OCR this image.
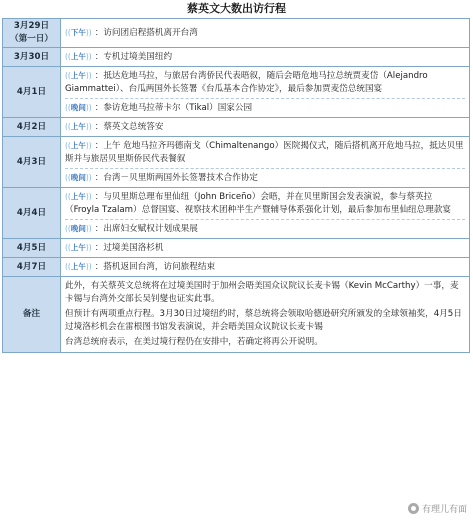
蔡英文大数出访行程
3月29日（第一日）	((下午)) ：访问团启程搭机离开台湾

3月30日	((上午)) ：专机过境美国纽约

4月1日	((上午)) ：抵达危地马拉，与旅居台湾侨民代表晤叙，随后会晤危地马拉总统贾麦岱（Alejandro Giammattei）、台瓜两国外长签署《台瓜基本合作协定》，最后参加贾麦岱总统国宴
((晚间)) ：参访危地马拉蒂卡尔（Tikal）国家公园

4月2日	((上午)) ：蔡英文总统答安

4月3日	((上午)) ：上午 危地马拉齐玛德南戈（Chimaltenango）医院揭仪式，随后搭机离开危地马拉，抵达贝里斯并与旅居贝里斯侨民代表餐叙
((晚间)) ：台湾－贝里斯两国外长签署技术合作协定

4月4日	((上午)) ：与贝里斯总理布里仙纽（John Briceño）会晤，并在贝里斯国会发表演说，参与蔡英拉（Froyla Tzalam）总督国宴、视察技术团种半生产暨辅导体系强化计划，最后参加布里仙纽总理款宴
((晚间)) ：出席妇女赋权计划成果展

4月5日	((上午)) ：过境美国洛杉机

4月7日	((上午)) ：搭机返回台湾，访问旅程结束

备注	此外，有关蔡英文总统将在过境美国时于加州会晤美国众议院议长麦卡锡（Kevin McCarthy）一事，麦卡锡与台湾外交部长吴钊燮也证实此事。

但预计有两项重点行程。3月30日过境纽约时，蔡总统将会领取哈德逊研究所颁发的全球领袖奖，4月5日过境洛杉机会在雷根图书馆发表演说，并会晤美国众议院议长麦卡锡

台湾总统府表示，在美过境行程仍在安排中，若确定将再公开说明。

有理儿有面
